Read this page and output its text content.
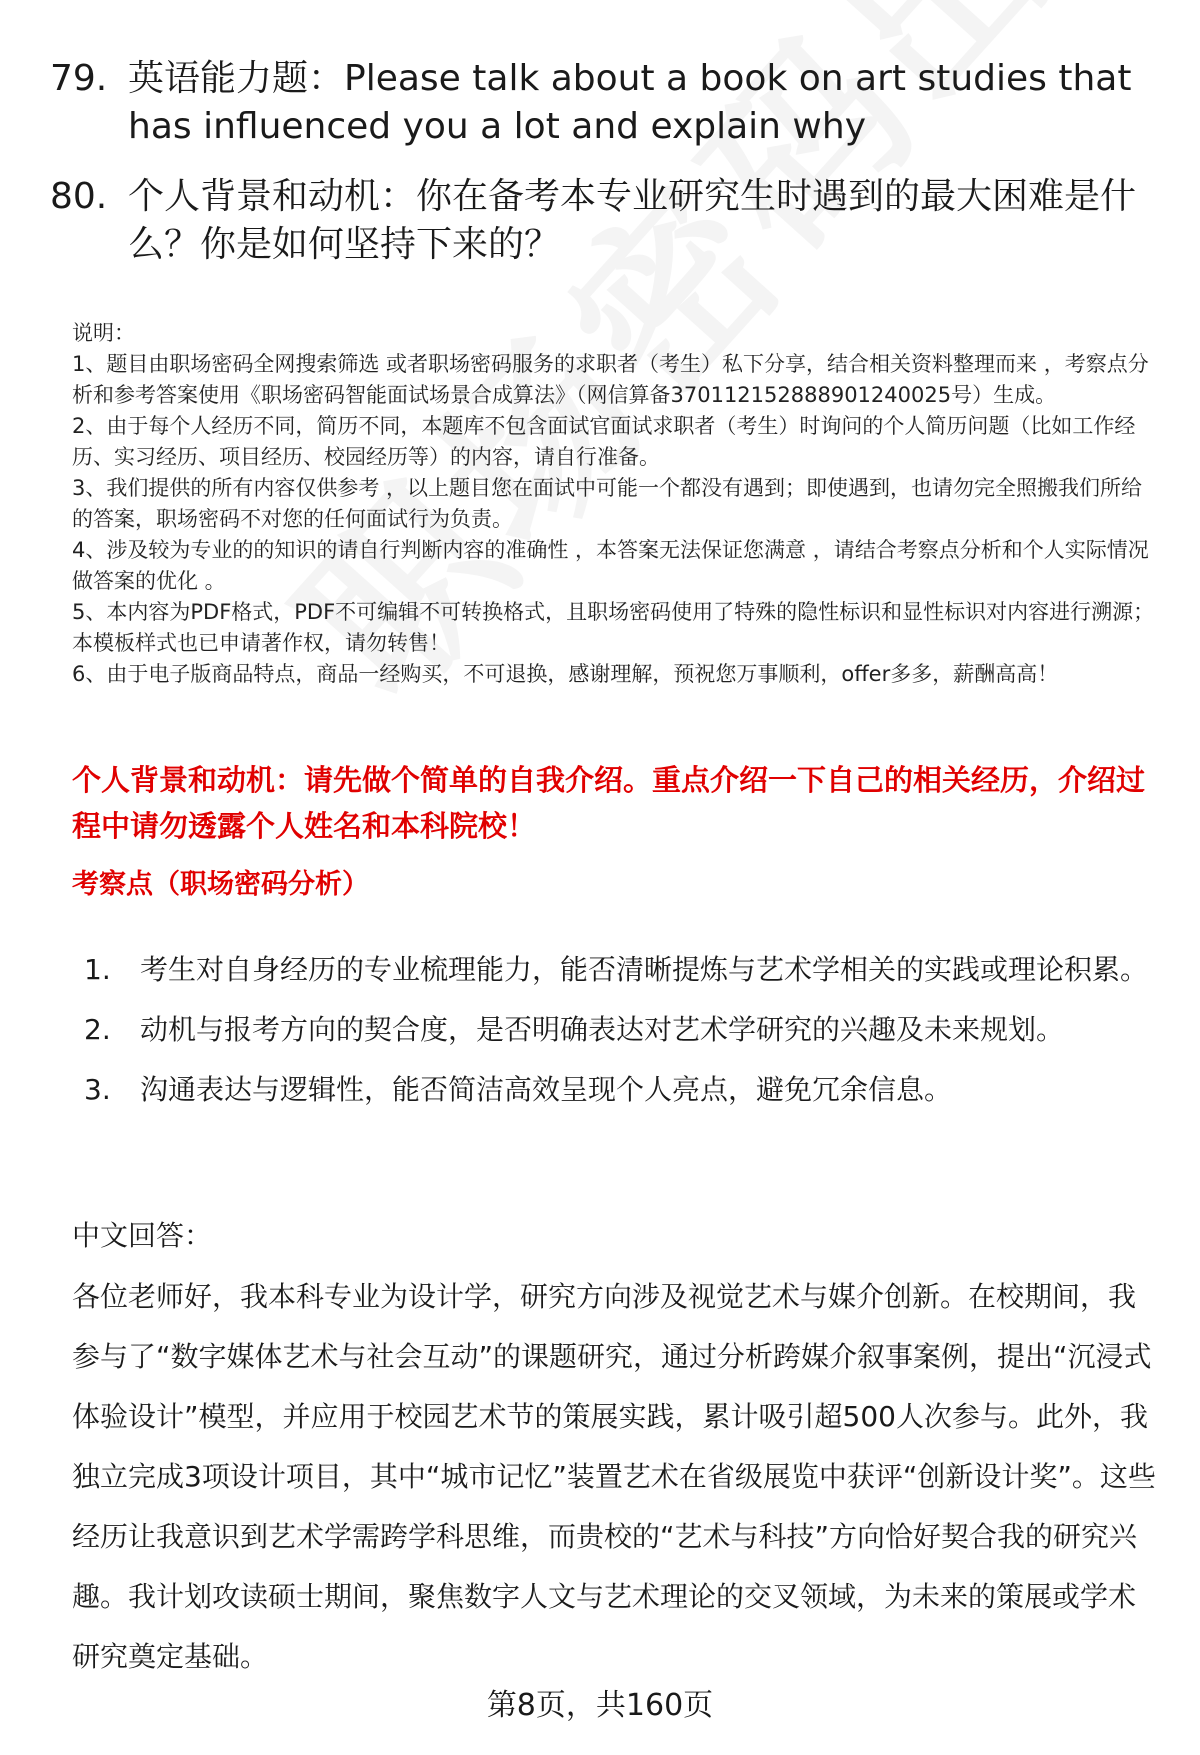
79. 英语能力题：Please talk about a book on art studies that has influenced you a lot and explain why
80. 个人背景和动机：你在备考本专业研究生时遇到的最大困难是什么？你是如何坚持下来的？

说明：

1、题目由职场密码全网搜索筛选 或者职场密码服务的求职者（考生）私下分享，结合相关资料整理而来 ，考察点分析和参考答案使用《职场密码智能面试场景合成算法》（网信算备370112152888901240025号）生成。

2、由于每个人经历不同，简历不同，本题库不包含面试官面试求职者（考生）时询问的个人简历问题（比如工作经历、实习经历、项目经历、校园经历等）的内容，请自行准备。

3、我们提供的所有内容仅供参考 ，以上题目您在面试中可能一个都没有遇到；即使遇到，也请勿完全照搬我们所给的答案，职场密码不对您的任何面试行为负责。

4、涉及较为专业的的知识的请自行判断内容的准确性 ，本答案无法保证您满意 ，请结合考察点分析和个人实际情况做答案的优化 。

5、本内容为PDF格式，PDF不可编辑不可转换格式，且职场密码使用了特殊的隐性标识和显性标识对内容进行溯源；本模板样式也已申请著作权，请勿转售！

6、由于电子版商品特点，商品一经购买，不可退换，感谢理解，预祝您万事顺利，offer多多，薪酬高高！

个人背景和动机：请先做个简单的自我介绍。重点介绍一下自己的相关经历，介绍过程中请勿透露个人姓名和本科院校！
考察点（职场密码分析）
1.	考生对自身经历的专业梳理能力，能否清晰提炼与艺术学相关的实践或理论积累。
2.	动机与报考方向的契合度，是否明确表达对艺术学研究的兴趣及未来规划。
3.	沟通表达与逻辑性，能否简洁高效呈现个人亮点，避免冗余信息。
中文回答：

各位老师好，我本科专业为设计学，研究方向涉及视觉艺术与媒介创新。在校期间，我参与了“数字媒体艺术与社会互动”的课题研究，通过分析跨媒介叙事案例，提出“沉浸式体验设计”模型，并应用于校园艺术节的策展实践，累计吸引超500人次参与。此外，我独立完成3项设计项目，其中“城市记忆”装置艺术在省级展览中获评“创新设计奖”。这些经历让我意识到艺术学需跨学科思维，而贵校的“艺术与科技”方向恰好契合我的研究兴趣。我计划攻读硕士期间，聚焦数字人文与艺术理论的交叉领域，为未来的策展或学术研究奠定基础。

第8页，共160页
